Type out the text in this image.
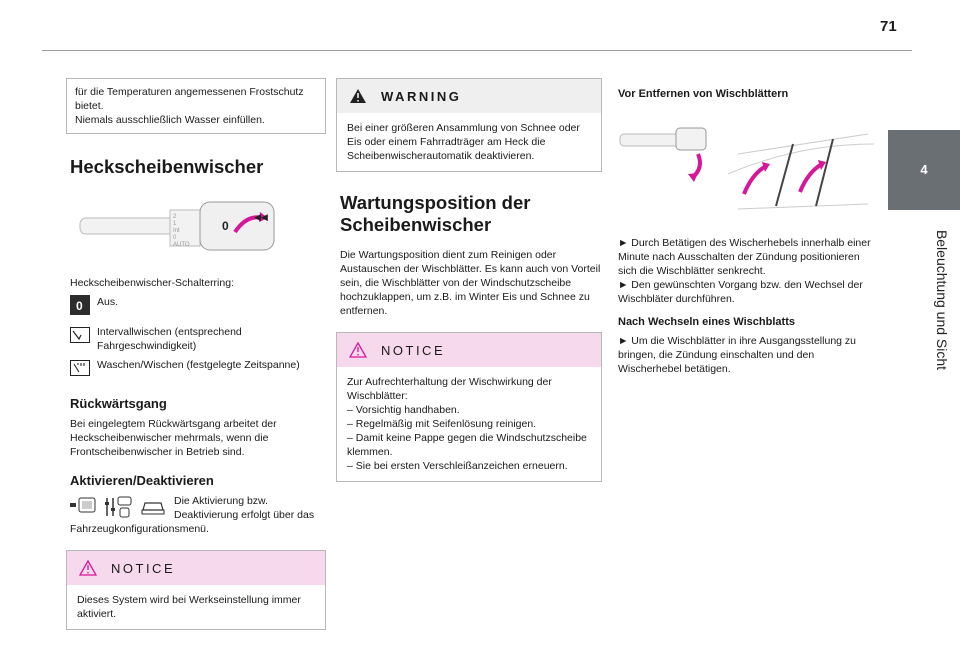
71
4
Beleuchtung und Sicht

für die Temperaturen angemessenen Frostschutz bietet.
Niemals ausschließlich Wasser einfüllen.

Heckscheibenwischer
2
1
Int
0
AUTO
0
◀◀

Heckscheibenwischer-Schalterring:

0 Aus.

Intervallwischen (entsprechend Fahrgeschwindigkeit)

Waschen/Wischen (festgelegte Zeitspanne)

Rückwärtsgang

Bei eingelegtem Rückwärtsgang arbeitet der Heckscheibenwischer mehrmals, wenn die Frontscheibenwischer in Betrieb sind.

Aktivieren/Deaktivieren

Die Aktivierung bzw. Deaktivierung erfolgt über das

Fahrzeugkonfigurationsmenü.

NOTICE

Dieses System wird bei Werkseinstellung immer aktiviert.

WARNING

Bei einer größeren Ansammlung von Schnee oder Eis oder einem Fahrradträger am Heck die Scheibenwischerautomatik deaktivieren.

Wartungsposition der Scheibenwischer

Die Wartungsposition dient zum Reinigen oder Austauschen der Wischblätter. Es kann auch von Vorteil sein, die Wischblätter von der Windschutzscheibe hochzuklappen, um z.B. im Winter Eis und Schnee zu entfernen.

NOTICE

Zur Aufrechterhaltung der Wischwirkung der Wischblätter:

– Vorsichtig handhaben.

– Regelmäßig mit Seifenlösung reinigen.

– Damit keine Pappe gegen die Windschutzscheibe klemmen.

– Sie bei ersten Verschleißanzeichen erneuern.

Vor Entfernen von Wischblättern

► Durch Betätigen des Wischerhebels innerhalb einer Minute nach Ausschalten der Zündung positionieren sich die Wischblätter senkrecht.

► Den gewünschten Vorgang bzw. den Wechsel der Wischbläter durchführen.

Nach Wechseln eines Wischblatts

► Um die Wischblätter in ihre Ausgangsstellung zu bringen, die Zündung einschalten und den Wischerhebel betätigen.
